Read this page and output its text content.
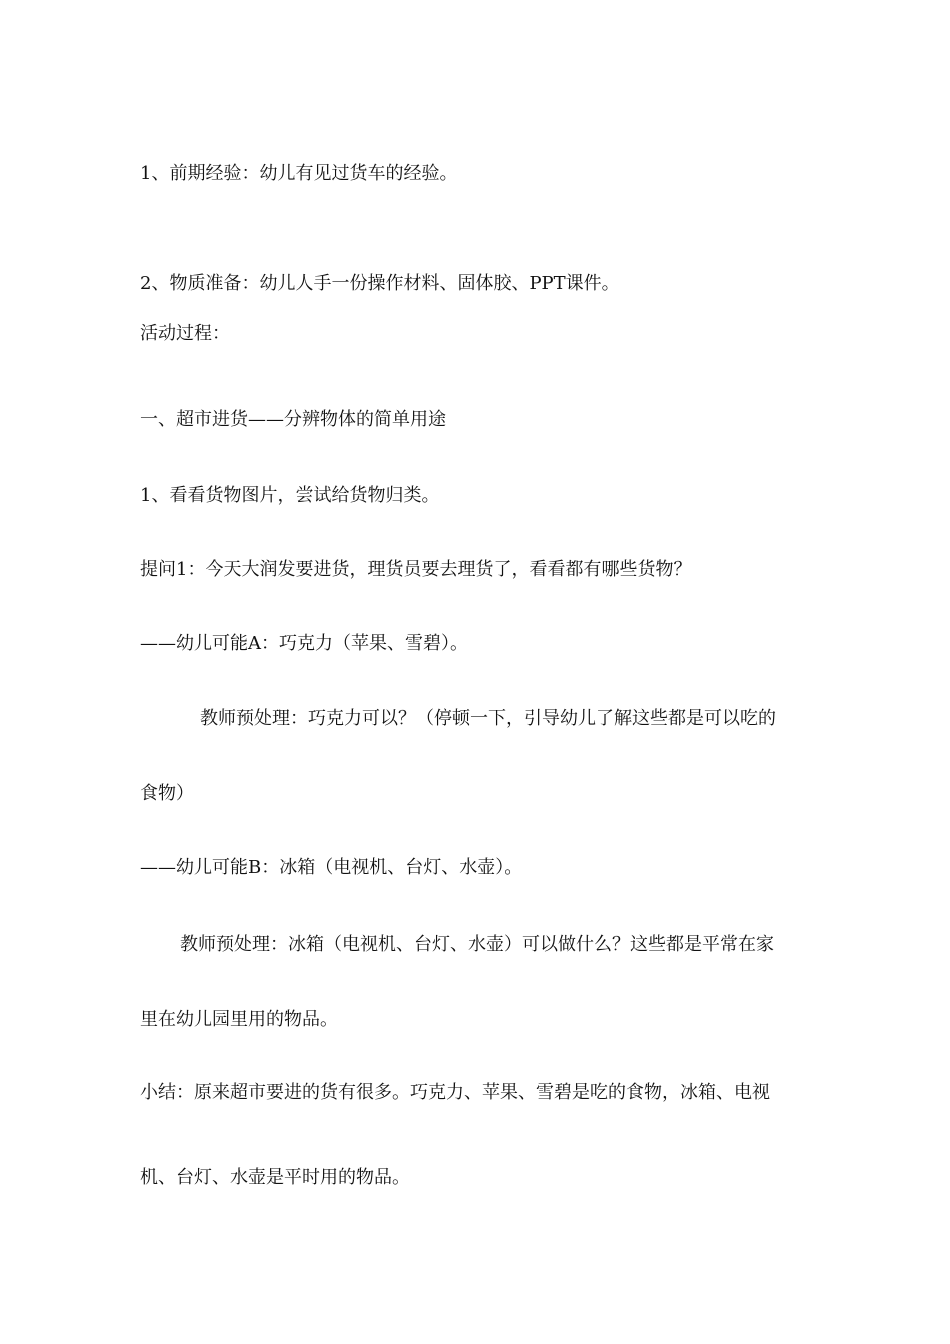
1、前期经验：幼儿有见过货车的经验。

2、物质准备：幼儿人手一份操作材料、固体胶、PPT课件。

活动过程：

一、超市进货——分辨物体的简单用途

1、看看货物图片，尝试给货物归类。

提问1：今天大润发要进货，理货员要去理货了，看看都有哪些货物？

——幼儿可能A：巧克力（苹果、雪碧）。

教师预处理：巧克力可以？（停顿一下，引导幼儿了解这些都是可以吃的

食物）

——幼儿可能B：冰箱（电视机、台灯、水壶）。

教师预处理：冰箱（电视机、台灯、水壶）可以做什么？这些都是平常在家

里在幼儿园里用的物品。

小结：原来超市要进的货有很多。巧克力、苹果、雪碧是吃的食物，冰箱、电视

机、台灯、水壶是平时用的物品。
